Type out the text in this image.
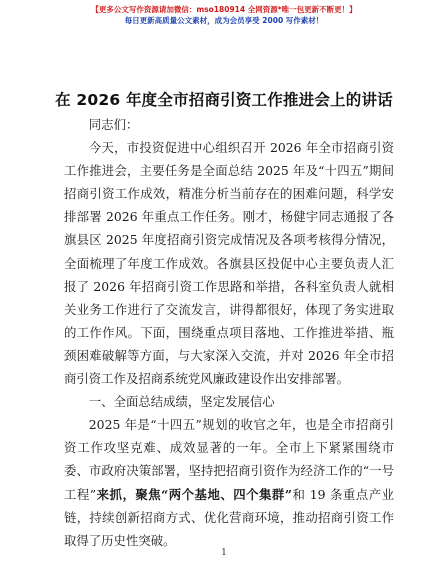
【更多公文写作资源请加微信：mso180914 全网资源*唯一包更新不断更！】
每日更新高质量公文素材，成为会员享受 2000 写作素材！
在 2026 年度全市招商引资工作推进会上的讲话

同志们：

今天，市投资促进中心组织召开 2026 年全市招商引资工作推进会，主要任务是全面总结 2025 年及“十四五”期间招商引资工作成效，精准分析当前存在的困难问题，科学安排部署 2026 年重点工作任务。刚才，杨健宇同志通报了各旗县区 2025 年度招商引资完成情况及各项考核得分情况，全面梳理了年度工作成效。各旗县区投促中心主要负责人汇报了 2026 年招商引资工作思路和举措，各科室负责人就相关业务工作进行了交流发言，讲得都很好，体现了务实进取的工作作风。下面，围绕重点项目落地、工作推进举措、瓶颈困难破解等方面，与大家深入交流，并对 2026 年全市招商引资工作及招商系统党风廉政建设作出安排部署。

一、全面总结成绩，坚定发展信心

2025 年是“十四五”规划的收官之年，也是全市招商引资工作攻坚克难、成效显著的一年。全市上下紧紧围绕市委、市政府决策部署，坚持把招商引资作为经济工作的“一号工程”来抓，聚焦“两个基地、四个集群”和 19 条重点产业链，持续创新招商方式、优化营商环境，推动招商引资工作取得了历史性突破。

1
